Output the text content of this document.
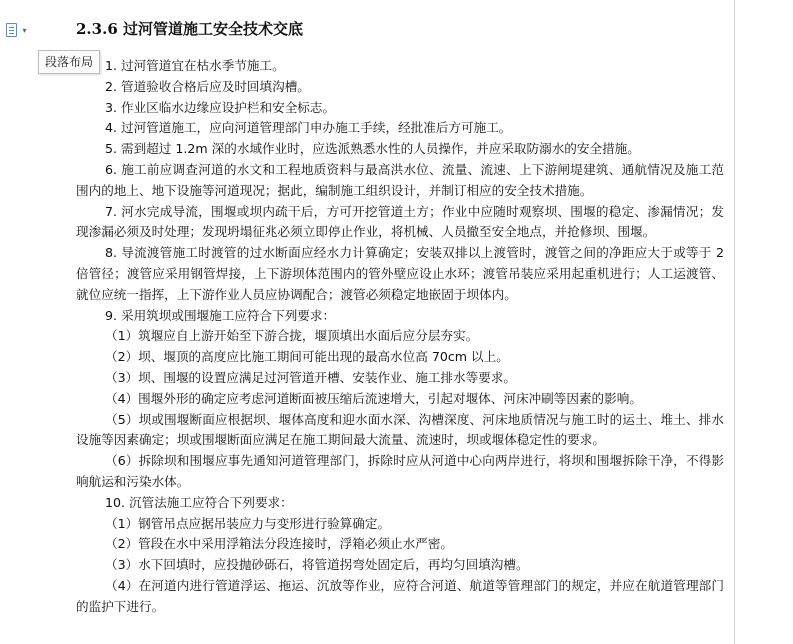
▾
段落布局
2.3.6 过河管道施工安全技术交底

1. 过河管道宜在枯水季节施工。

2. 管道验收合格后应及时回填沟槽。

3. 作业区临水边缘应设护栏和安全标志。

4. 过河管道施工，应向河道管理部门申办施工手续，经批准后方可施工。

5. 需到超过 1.2m 深的水域作业时，应选派熟悉水性的人员操作，并应采取防溺水的安全措施。

6. 施工前应调查河道的水文和工程地质资料与最高洪水位、流量、流速、上下游闸堤建筑、通航情况及施工范围内的地上、地下设施等河道现况；据此，编制施工组织设计，并制订相应的安全技术措施。

7. 河水完成导流，围堰或坝内疏干后，方可开挖管道土方；作业中应随时观察坝、围堰的稳定、渗漏情况；发现渗漏必须及时处理；发现坍塌征兆必须立即停止作业，将机械、人员撤至安全地点，并抢修坝、围堰。

8. 导流渡管施工时渡管的过水断面应经水力计算确定；安装双排以上渡管时，渡管之间的净距应大于或等于 2 倍管径；渡管应采用钢管焊接，上下游坝体范围内的管外壁应设止水环；渡管吊装应采用起重机进行；人工运渡管、就位应统一指挥，上下游作业人员应协调配合；渡管必须稳定地嵌固于坝体内。

9. 采用筑坝或围堰施工应符合下列要求：

（1）筑堰应自上游开始至下游合拢，堰顶填出水面后应分层夯实。

（2）坝、堰顶的高度应比施工期间可能出现的最高水位高 70cm 以上。

（3）坝、围堰的设置应满足过河管道开槽、安装作业、施工排水等要求。

（4）围堰外形的确定应考虑河道断面被压缩后流速增大，引起对堰体、河床冲刷等因素的影响。

（5）坝或围堰断面应根据坝、堰体高度和迎水面水深、沟槽深度、河床地质情况与施工时的运土、堆土、排水设施等因素确定；坝或围堰断面应满足在施工期间最大流量、流速时，坝或堰体稳定性的要求。

（6）拆除坝和围堰应事先通知河道管理部门，拆除时应从河道中心向两岸进行，将坝和围堰拆除干净，不得影响航运和污染水体。

10. 沉管法施工应符合下列要求：

（1）钢管吊点应据吊装应力与变形进行验算确定。

（2）管段在水中采用浮箱法分段连接时，浮箱必须止水严密。

（3）水下回填时，应投抛砂砾石，将管道拐弯处固定后，再均匀回填沟槽。

（4）在河道内进行管道浮运、拖运、沉放等作业，应符合河道、航道等管理部门的规定，并应在航道管理部门的监护下进行。
